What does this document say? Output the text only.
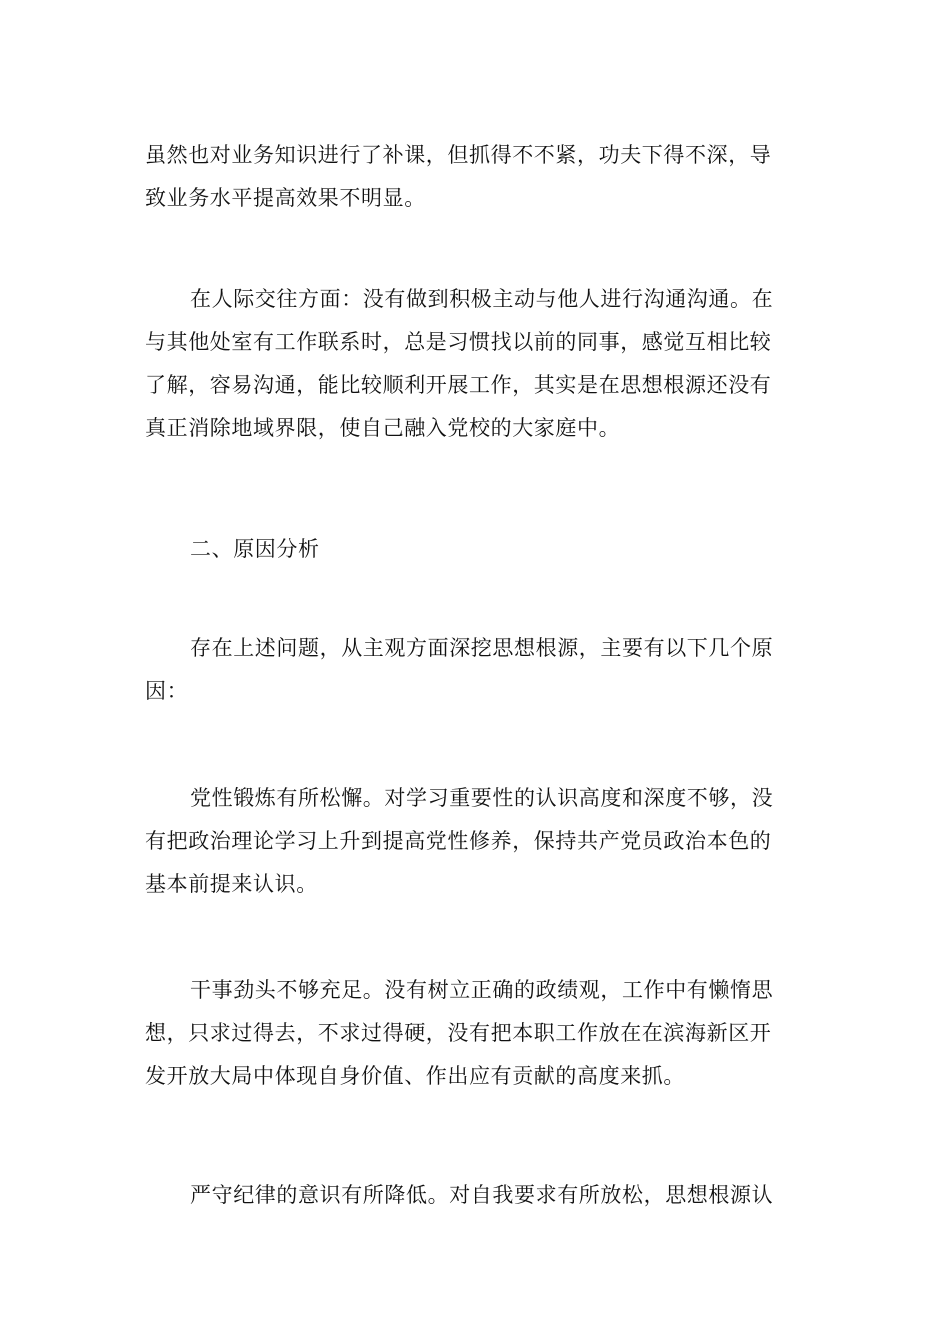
虽然也对业务知识进行了补课，但抓得不不紧，功夫下得不深，导
致业务水平提高效果不明显。
在人际交往方面：没有做到积极主动与他人进行沟通沟通。在
与其他处室有工作联系时，总是习惯找以前的同事，感觉互相比较
了解，容易沟通，能比较顺利开展工作，其实是在思想根源还没有
真正消除地域界限，使自己融入党校的大家庭中。
二、原因分析
存在上述问题，从主观方面深挖思想根源，主要有以下几个原
因：
党性锻炼有所松懈。对学习重要性的认识高度和深度不够，没
有把政治理论学习上升到提高党性修养，保持共产党员政治本色的
基本前提来认识。
干事劲头不够充足。没有树立正确的政绩观，工作中有懒惰思
想，只求过得去，不求过得硬，没有把本职工作放在在滨海新区开
发开放大局中体现自身价值、作出应有贡献的高度来抓。
严守纪律的意识有所降低。对自我要求有所放松，思想根源认
